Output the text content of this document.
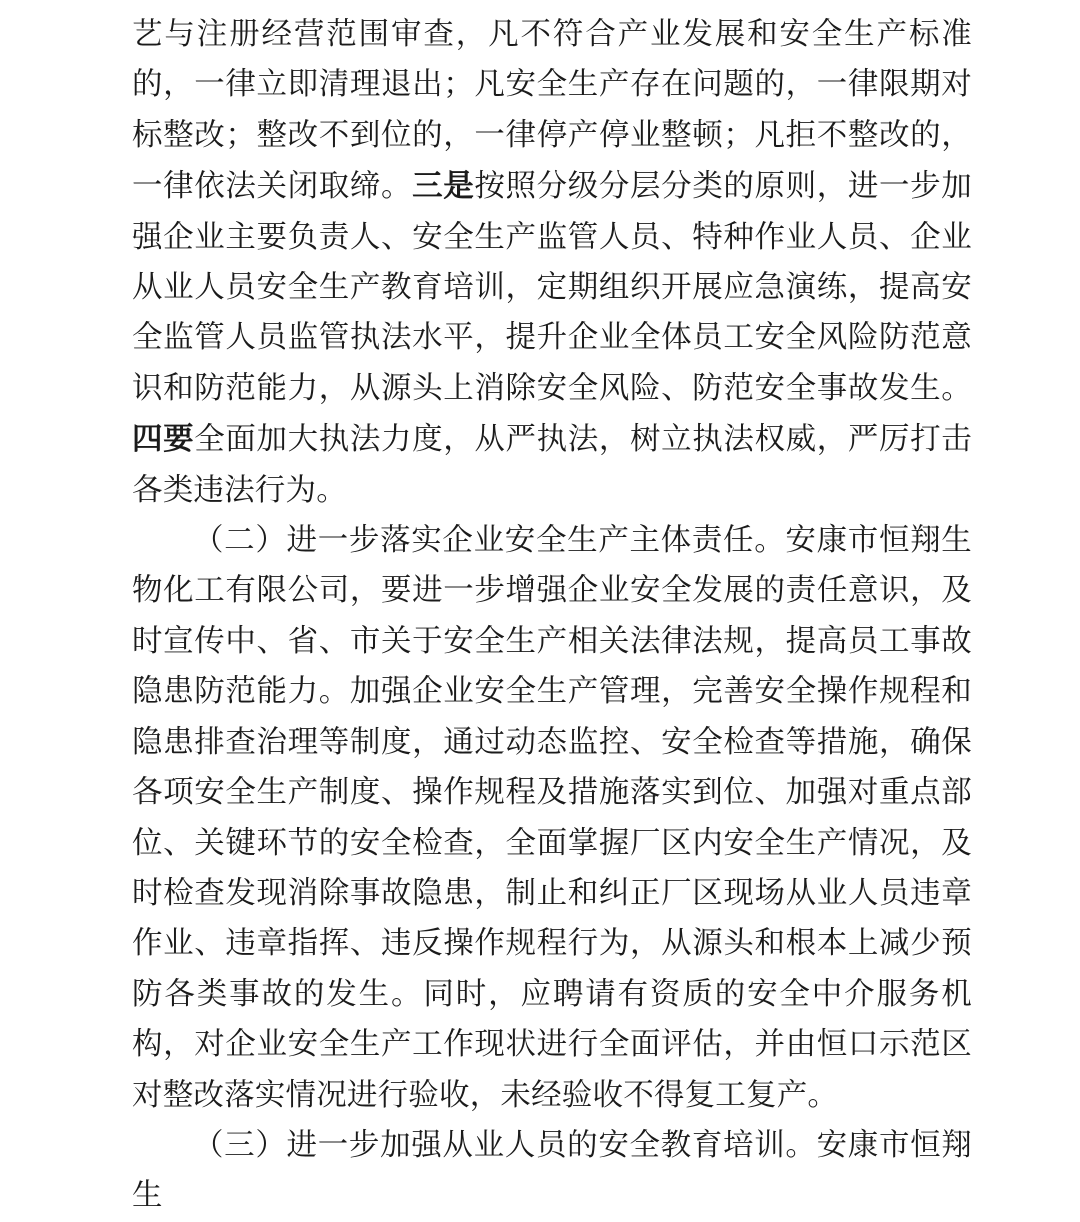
艺与注册经营范围审查，凡不符合产业发展和安全生产标准的，一律立即清理退出；凡安全生产存在问题的，一律限期对标整改；整改不到位的，一律停产停业整顿；凡拒不整改的，一律依法关闭取缔。三是按照分级分层分类的原则，进一步加强企业主要负责人、安全生产监管人员、特种作业人员、企业从业人员安全生产教育培训，定期组织开展应急演练，提高安全监管人员监管执法水平，提升企业全体员工安全风险防范意识和防范能力，从源头上消除安全风险、防范安全事故发生。四要全面加大执法力度，从严执法，树立执法权威，严厉打击各类违法行为。

（二）进一步落实企业安全生产主体责任。安康市恒翔生物化工有限公司，要进一步增强企业安全发展的责任意识，及时宣传中、省、市关于安全生产相关法律法规，提高员工事故隐患防范能力。加强企业安全生产管理，完善安全操作规程和隐患排查治理等制度，通过动态监控、安全检查等措施，确保各项安全生产制度、操作规程及措施落实到位、加强对重点部位、关键环节的安全检查，全面掌握厂区内安全生产情况，及时检查发现消除事故隐患，制止和纠正厂区现场从业人员违章作业、违章指挥、违反操作规程行为，从源头和根本上减少预防各类事故的发生。同时，应聘请有资质的安全中介服务机构，对企业安全生产工作现状进行全面评估，并由恒口示范区对整改落实情况进行验收，未经验收不得复工复产。

（三）进一步加强从业人员的安全教育培训。安康市恒翔生
